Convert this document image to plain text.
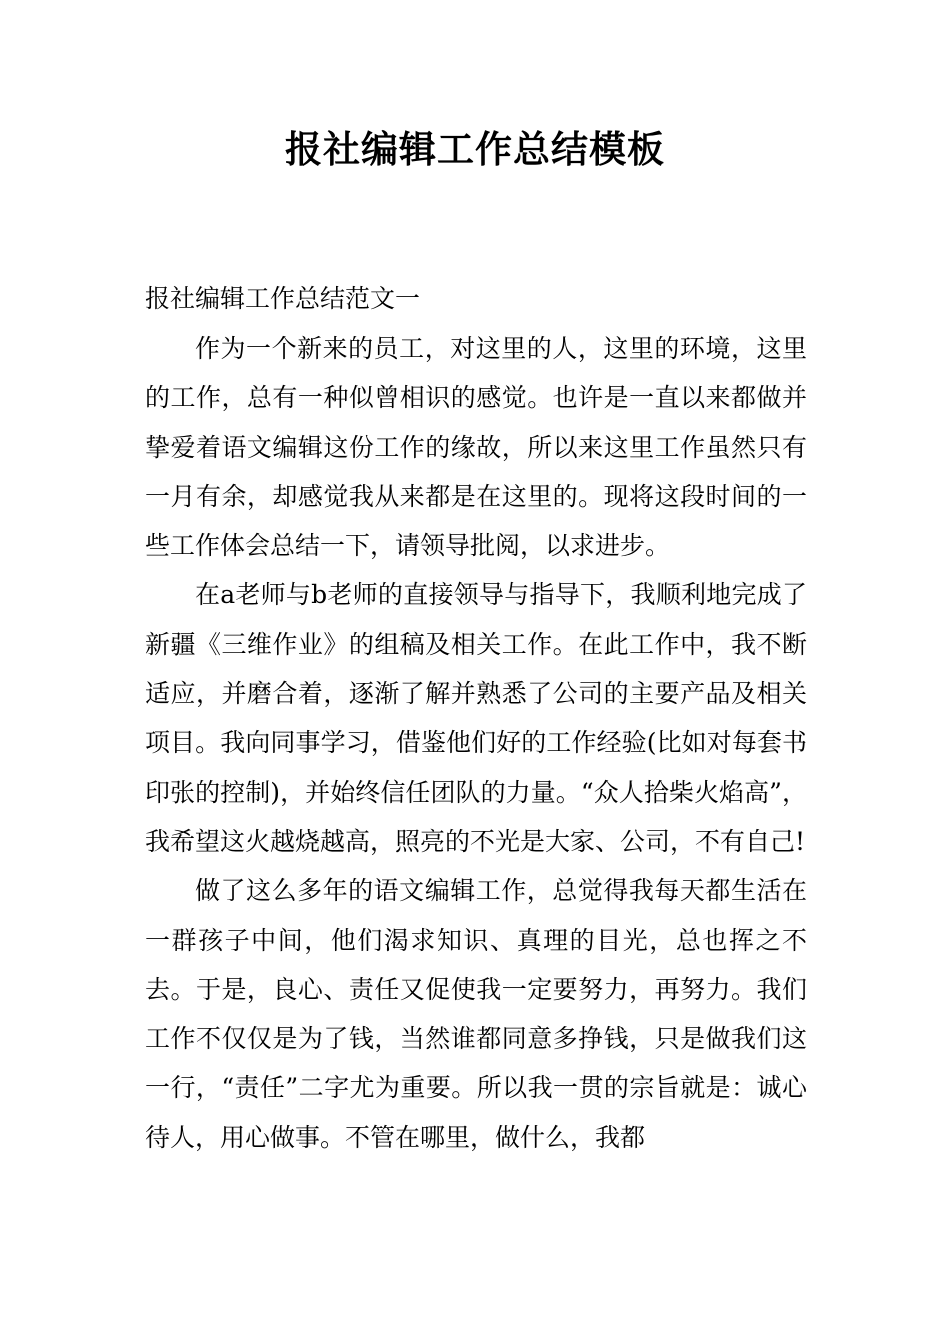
报社编辑工作总结模板

报社编辑工作总结范文一

作为一个新来的员工，对这里的人，这里的环境，这里的工作，总有一种似曾相识的感觉。也许是一直以来都做并挚爱着语文编辑这份工作的缘故，所以来这里工作虽然只有一月有余，却感觉我从来都是在这里的。现将这段时间的一些工作体会总结一下，请领导批阅，以求进步。

在a老师与b老师的直接领导与指导下，我顺利地完成了新疆《三维作业》的组稿及相关工作。在此工作中，我不断适应，并磨合着，逐渐了解并熟悉了公司的主要产品及相关项目。我向同事学习，借鉴他们好的工作经验(比如对每套书印张的控制)，并始终信任团队的力量。“众人拾柴火焰高”，我希望这火越烧越高，照亮的不光是大家、公司，不有自己!

做了这么多年的语文编辑工作，总觉得我每天都生活在一群孩子中间，他们渴求知识、真理的目光，总也挥之不去。于是，良心、责任又促使我一定要努力，再努力。我们工作不仅仅是为了钱，当然谁都同意多挣钱，只是做我们这一行，“责任”二字尤为重要。所以我一贯的宗旨就是：诚心待人，用心做事。不管在哪里，做什么，我都
